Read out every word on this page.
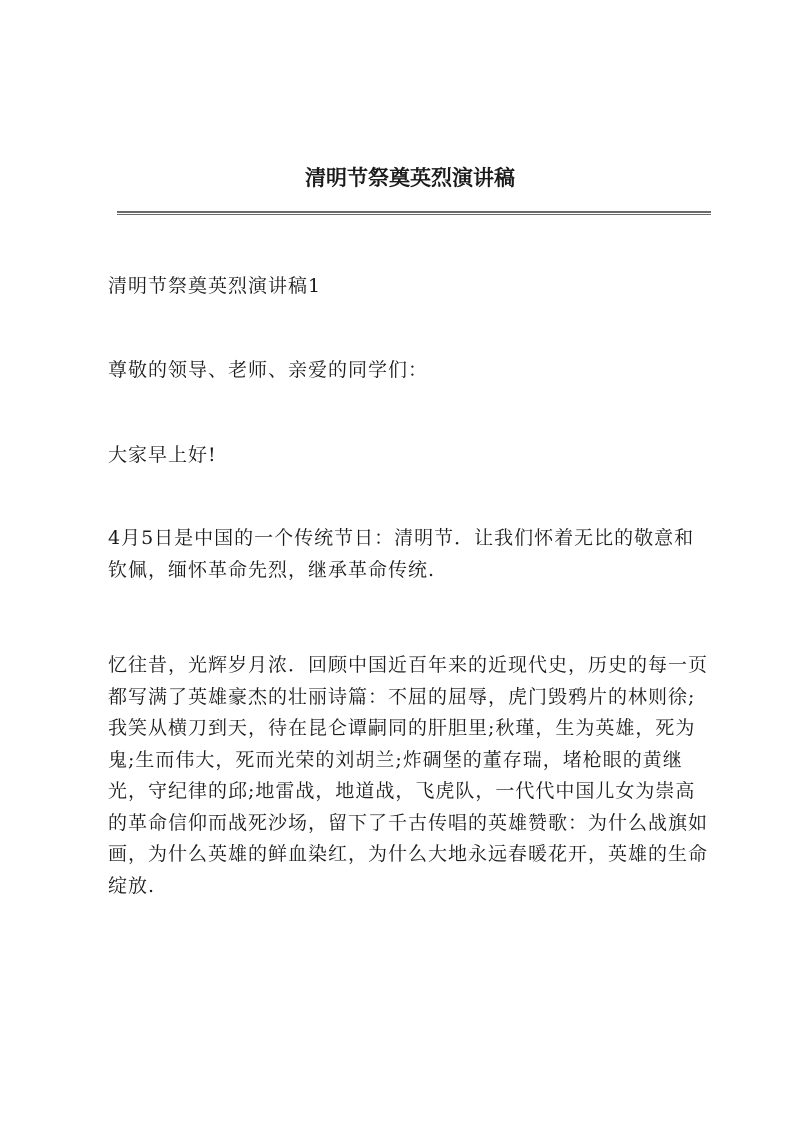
清明节祭奠英烈演讲稿

清明节祭奠英烈演讲稿1

尊敬的领导、老师、亲爱的同学们：

大家早上好!

4月5日是中国的一个传统节日：清明节．让我们怀着无比的敬意和钦佩，缅怀革命先烈，继承革命传统.

忆往昔，光辉岁月浓．回顾中国近百年来的近现代史，历史的每一页都写满了英雄豪杰的壮丽诗篇：不屈的屈辱，虎门毁鸦片的林则徐;我笑从横刀到天，待在昆仑谭嗣同的肝胆里;秋瑾，生为英雄，死为鬼;生而伟大，死而光荣的刘胡兰;炸碉堡的董存瑞，堵枪眼的黄继光，守纪律的邱;地雷战，地道战，飞虎队，一代代中国儿女为崇高的革命信仰而战死沙场，留下了千古传唱的英雄赞歌：为什么战旗如画，为什么英雄的鲜血染红，为什么大地永远春暖花开，英雄的生命绽放.
